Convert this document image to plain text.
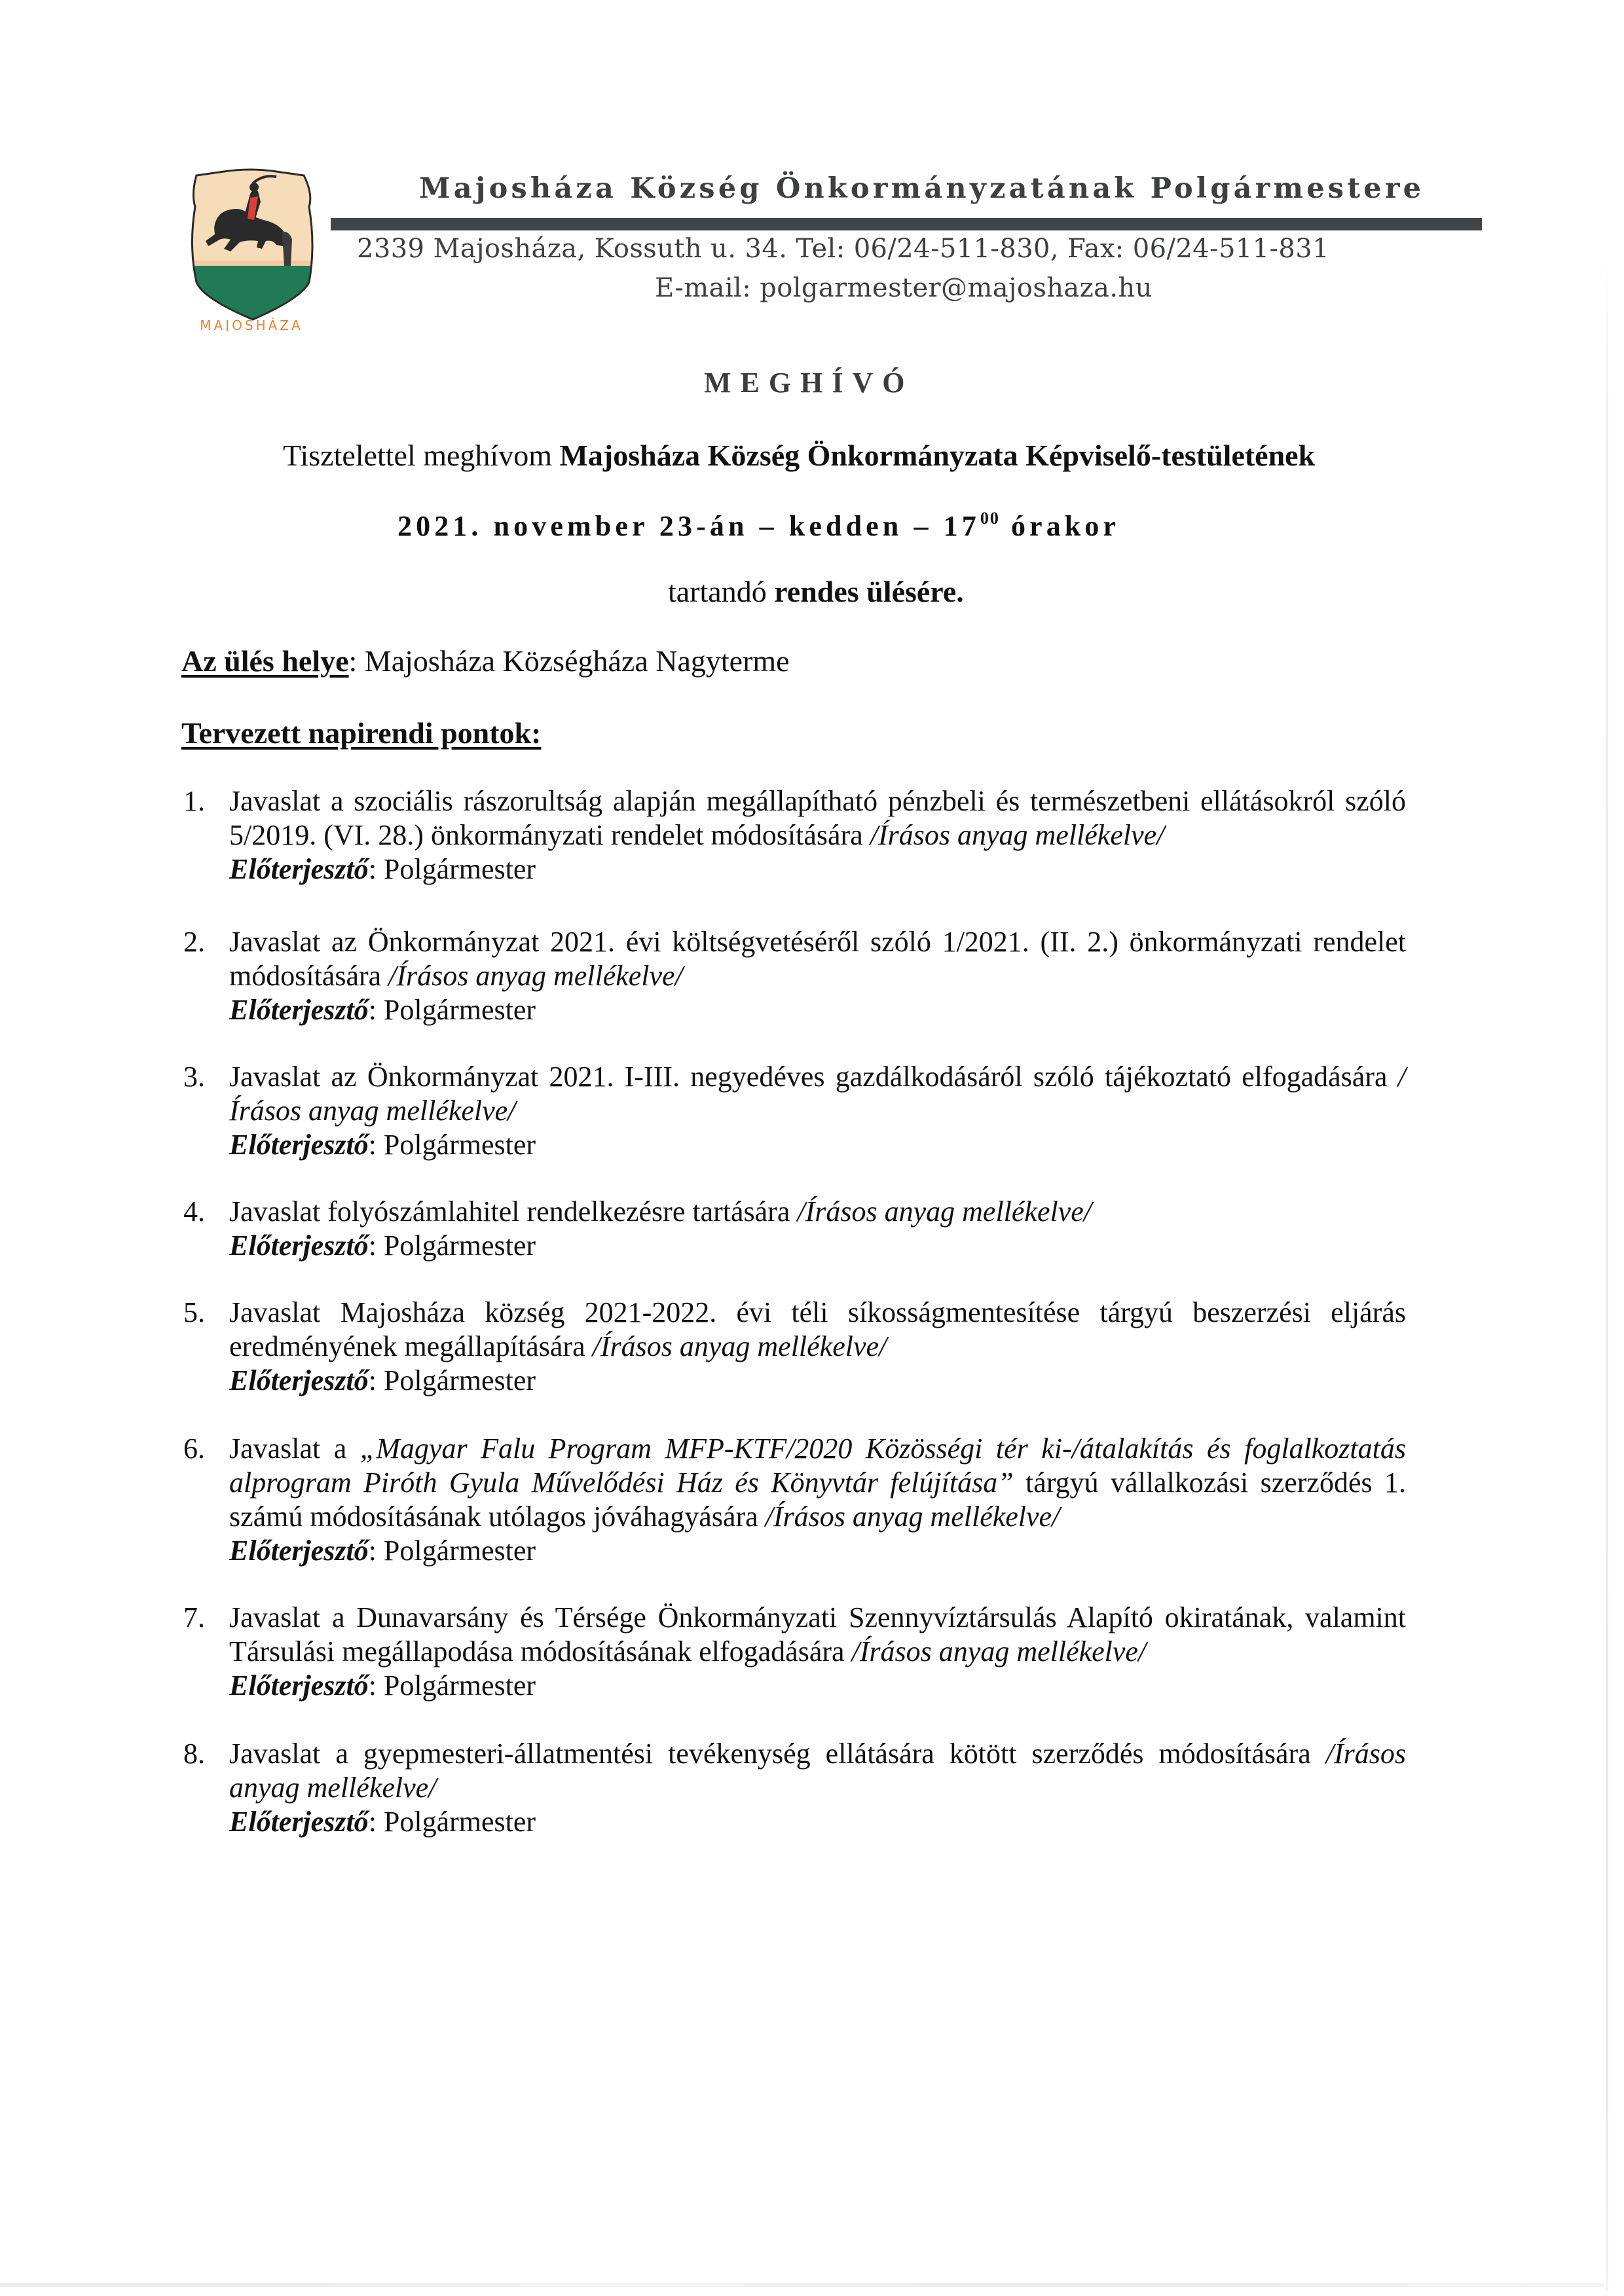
MAJOSHÁZA
Majosháza Község Önkormányzatának Polgármestere
2339 Majosháza, Kossuth u. 34. Tel: 06/24-511-830, Fax: 06/24-511-831
E-mail: polgarmester@majoshaza.hu
MEGHÍVÓ
Tisztelettel meghívom Majosháza Község Önkormányzata Képviselő-testületének
2021. november 23-án – kedden – $17^{00}$ órakor
tartandó rendes ülésére.
Az ülés helye: Majosháza Községháza Nagyterme
Tervezett napirendi pontok:
1. Javaslat a szociális rászorultság alapján megállapítható pénzbeli és természetbeni ellátásokról szóló 5/2019. (VI. 28.) önkormányzati rendelet módosítására /Írásos anyag mellékelve/
Előterjesztő: Polgármester
2. Javaslat az Önkormányzat 2021. évi költségvetéséről szóló 1/2021. (II. 2.) önkormányzati rendelet módosítására /Írásos anyag mellékelve/
Előterjesztő: Polgármester
3. Javaslat az Önkormányzat 2021. I-III. negyedéves gazdálkodásáról szóló tájékoztató elfogadására /Írásos anyag mellékelve/
Előterjesztő: Polgármester
4. Javaslat folyószámlahitel rendelkezésre tartására /Írásos anyag mellékelve/
Előterjesztő: Polgármester
5. Javaslat Majosháza község 2021-2022. évi téli síkosságmentesítése tárgyú beszerzési eljárás eredményének megállapítására /Írásos anyag mellékelve/
Előterjesztő: Polgármester
6. Javaslat a „Magyar Falu Program MFP-KTF/2020 Közösségi tér ki-/átalakítás és foglalkoztatás alprogram Piróth Gyula Művelődési Ház és Könyvtár felújítása” tárgyú vállalkozási szerződés 1. számú módosításának utólagos jóváhagyására /Írásos anyag mellékelve/
Előterjesztő: Polgármester
7. Javaslat a Dunavarsány és Térsége Önkormányzati Szennyvíztársulás Alapító okiratának, valamint Társulási megállapodása módosításának elfogadására /Írásos anyag mellékelve/
Előterjesztő: Polgármester
8. Javaslat a gyepmesteri-állatmentési tevékenység ellátására kötött szerződés módosítására /Írásos anyag mellékelve/
Előterjesztő: Polgármester
